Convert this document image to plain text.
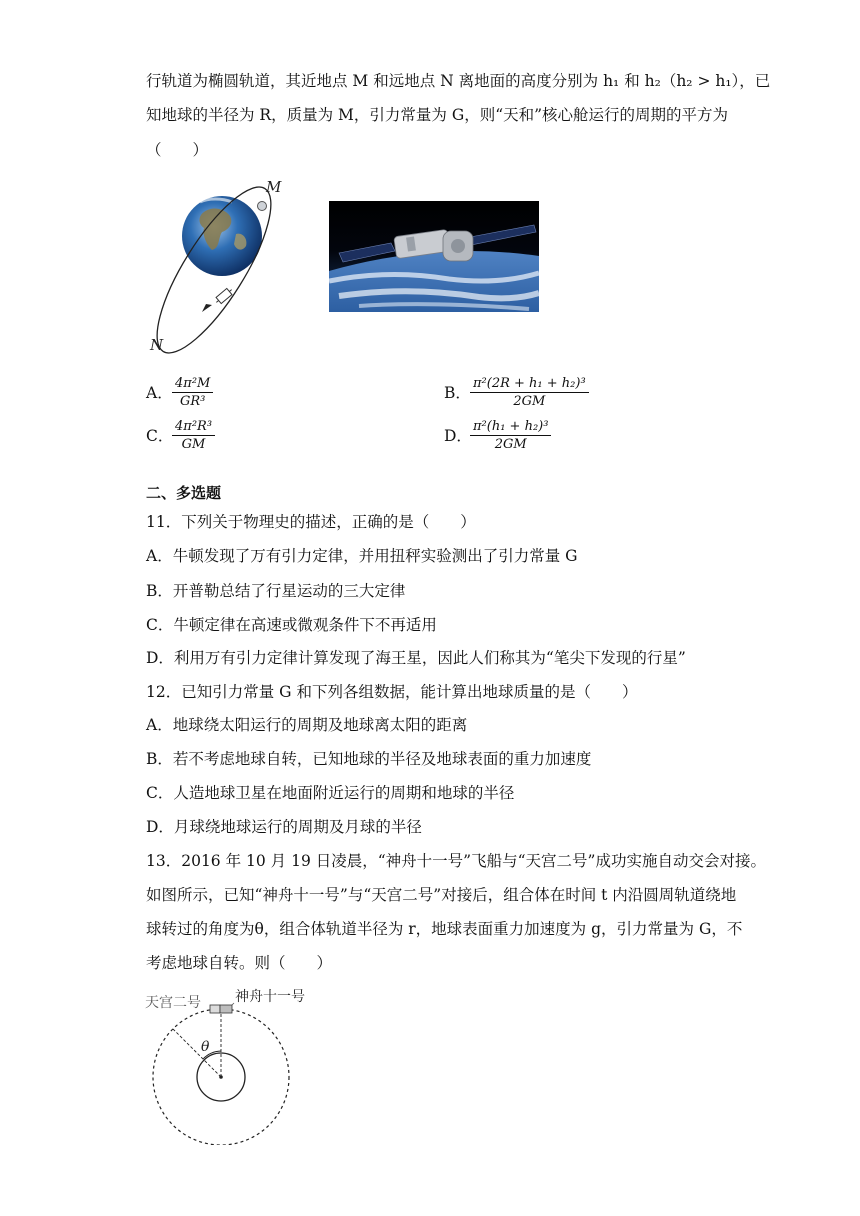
行轨道为椭圆轨道，其近地点 M 和远地点 N 离地面的高度分别为 h₁ 和 h₂（h₂ > h₁），已
知地球的半径为 R，质量为 M，引力常量为 G，则“天和”核心舱运行的周期的平方为
（　　）
M
N
A． $\frac{\text{4π²M}}{\text{GR³}}$	B． $\frac{\text{π²(2R + h₁ + h₂)³}}{2GM}$
C．
$\frac{\text{4π²R³}}{GM}$	D．
$\frac{\text{π²(h₁ + h₂)³}}{2GM}$
二、多选题
11．下列关于物理史的描述，正确的是（　　）
A．牛顿发现了万有引力定律，并用扭秤实验测出了引力常量 G
B．开普勒总结了行星运动的三大定律
C．牛顿定律在高速或微观条件下不再适用
D．利用万有引力定律计算发现了海王星，因此人们称其为“笔尖下发现的行星”
12．已知引力常量 G 和下列各组数据，能计算出地球质量的是（　　）
A．地球绕太阳运行的周期及地球离太阳的距离
B．若不考虑地球自转，已知地球的半径及地球表面的重力加速度
C．人造地球卫星在地面附近运行的周期和地球的半径
D．月球绕地球运行的周期及月球的半径
13．2016 年 10 月 19 日凌晨，“神舟十一号”飞船与“天宫二号”成功实施自动交会对接。
如图所示，已知“神舟十一号”与“天宫二号”对接后，组合体在时间 t 内沿圆周轨道绕地
球转过的角度为θ，组合体轨道半径为 r，地球表面重力加速度为 g，引力常量为 G，不
考虑地球自转。则（　　）
天宫二号 神舟十一号
θ
